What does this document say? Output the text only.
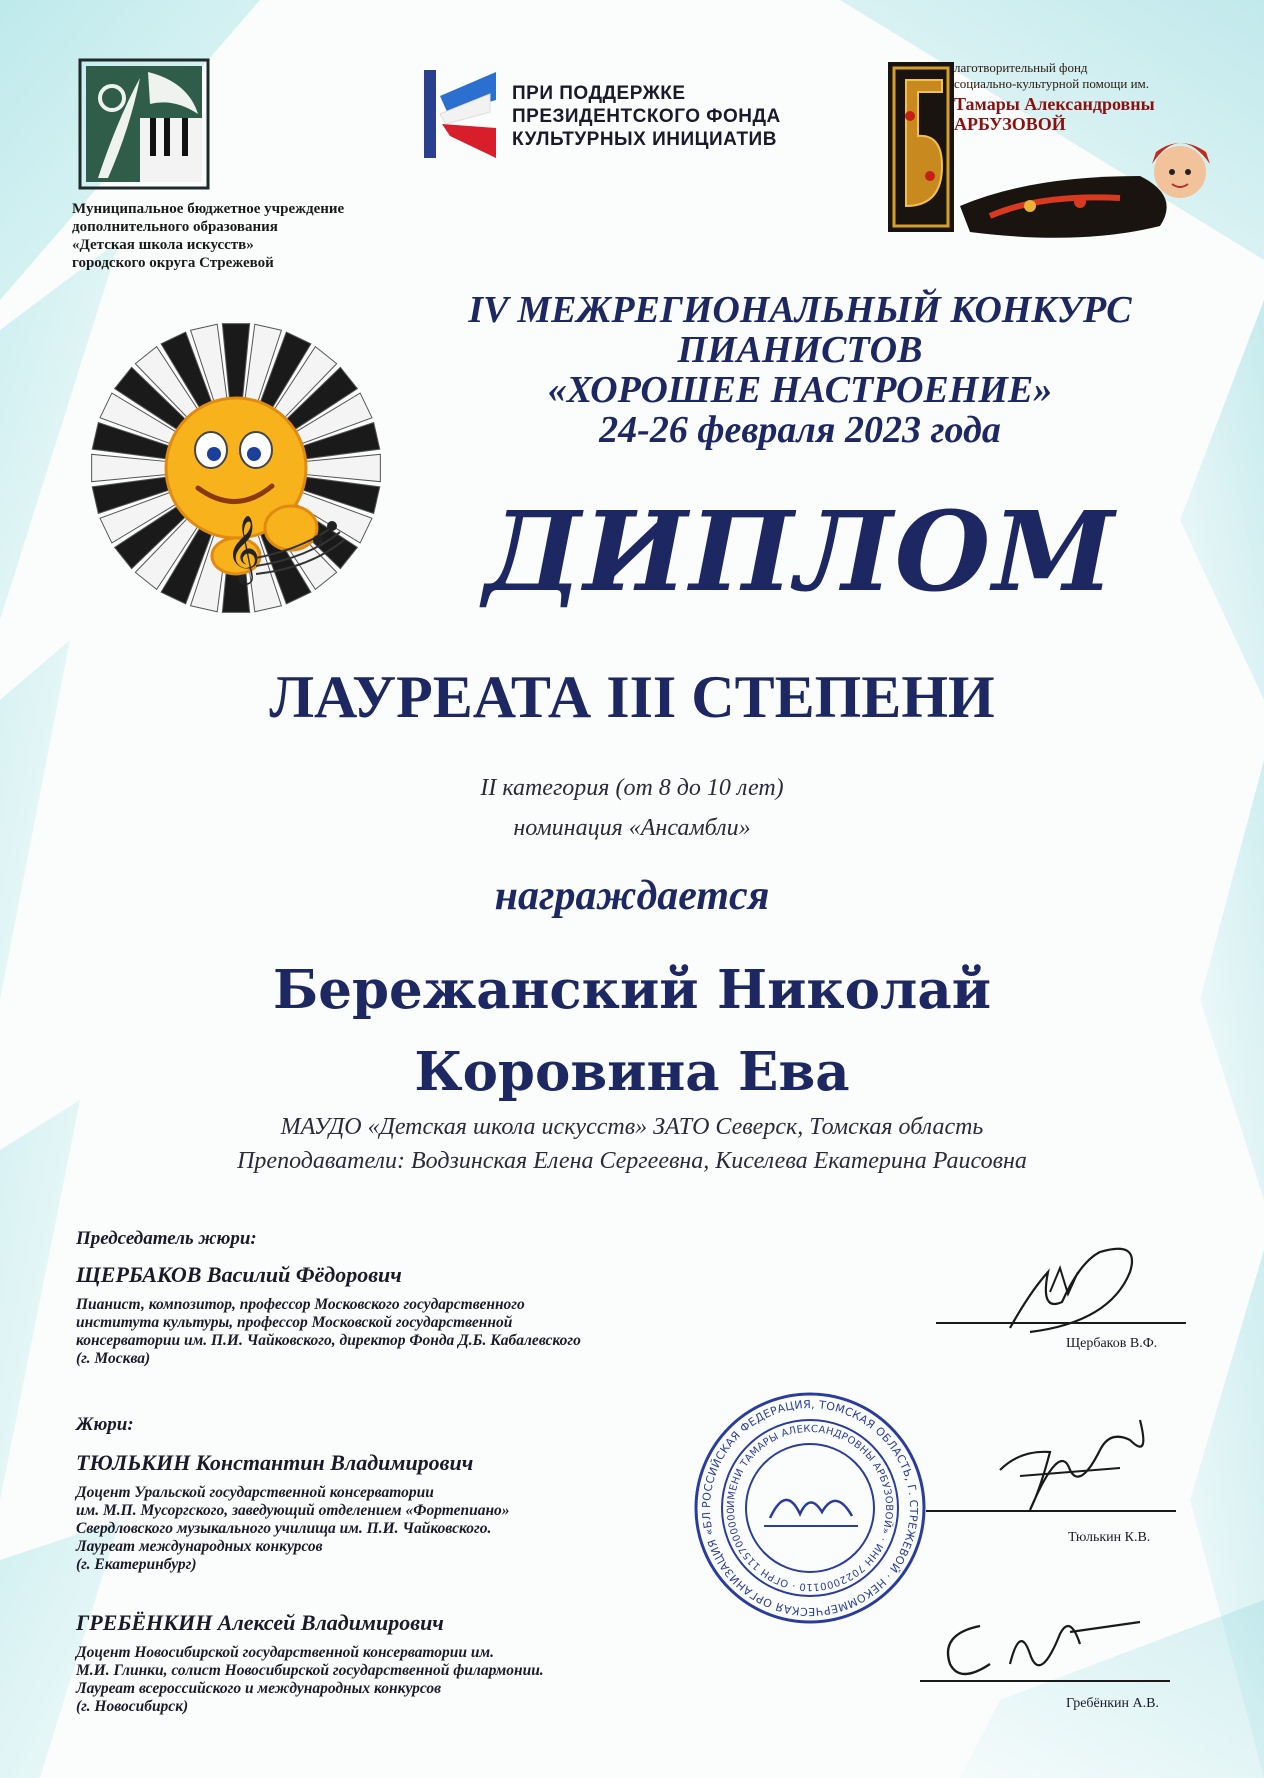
Муниципальное бюджетное учреждение
дополнительного образования
«Детская школа искусств»
городского округа Стрежевой
ПРИ ПОДДЕРЖКЕ
ПРЕЗИДЕНТСКОГО ФОНДА
КУЛЬТУРНЫХ ИНИЦИАТИВ
лаготворительный фонд
социально-культурной помощи им.
Тамары Александровны
АРБУЗОВОЙ
𝄞
IV МЕЖРЕГИОНАЛЬНЫЙ КОНКУРС
ПИАНИСТОВ
«ХОРОШЕЕ НАСТРОЕНИЕ»
24-26 февраля 2023 года
ДИПЛОМ
ЛАУРЕАТА III СТЕПЕНИ
II категория (от 8 до 10 лет)
номинация «Ансамбли»
награждается
Бережанский Николай
Коровина Ева
МАУДО «Детская школа искусств» ЗАТО Северск, Томская область
Преподаватели: Водзинская Елена Сергеевна, Киселева Екатерина Раисовна
Председатель жюри:
ЩЕРБАКОВ Василий Фёдорович
Пианист, композитор, профессор Московского государственного
института культуры, профессор Московской государственной
консерватории им. П.И. Чайковского, директор Фонда Д.Б. Кабалевского
(г. Москва)
Щербаков В.Ф.
РОССИЙСКАЯ ФЕДЕРАЦИЯ, ТОМСКАЯ ОБЛАСТЬ, Г. СТРЕЖЕВОЙ · НЕКОММЕРЧЕСКАЯ ОРГАНИЗАЦИЯ «БЛ
ИМЕНИ ТАМАРЫ АЛЕКСАНДРОВНЫ АРБУЗОВОЙ» · ИНН 7022000110 · ОГРН 1157000000
Жюри:
ТЮЛЬКИН Константин Владимирович
Доцент Уральской государственной консерватории
им. М.П. Мусоргского, заведующий отделением «Фортепиано»
Свердловского музыкального училища им. П.И. Чайковского.
Лауреат международных конкурсов
(г. Екатеринбург)
Тюлькин К.В.
ГРЕБЁНКИН Алексей Владимирович
Доцент Новосибирской государственной консерватории им.
М.И. Глинки, солист Новосибирской государственной филармонии.
Лауреат всероссийского и международных конкурсов
(г. Новосибирск)	Гребёнкин А.В.
